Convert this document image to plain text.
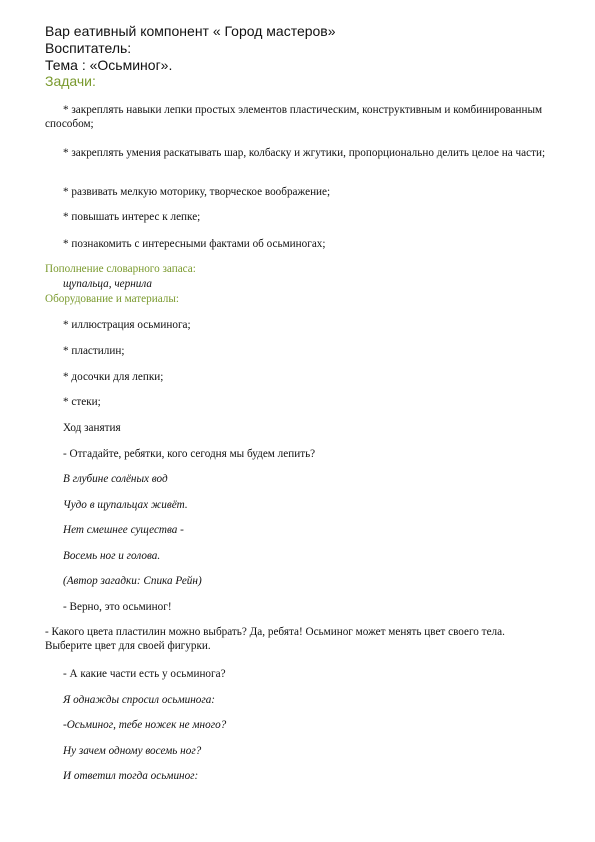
Вар еативный компонент « Город мастеров»
Воспитатель:
Тема : «Осьминог».
Задачи:
* закреплять навыки лепки простых элементов пластическим, конструктивным и комбинированным способом;
* закреплять умения раскатывать шар, колбаску и жгутики, пропорционально делить целое на части;
* развивать мелкую моторику, творческое воображение;
* повышать интерес к лепке;
* познакомить с интересными фактами об осьминогах;
Пополнение словарного запаса:
щупальца, чернила
Оборудование и материалы:
* иллюстрация осьминога;
* пластилин;
* досочки для лепки;
* стеки;
Ход занятия
- Отгадайте, ребятки, кого сегодня мы будем лепить?
В глубине солёных вод
Чудо в щупальцах живёт.
Нет смешнее существа -
Восемь ног и голова.
(Автор загадки: Спика Рейн)
- Верно, это осьминог!
- Какого цвета пластилин можно выбрать? Да, ребята! Осьминог может менять цвет своего тела. Выберите цвет для своей фигурки.
- А какие части есть у осьминога?
Я однажды спросил осьминога:
-Осьминог, тебе ножек не много?
Ну зачем одному восемь ног?
И ответил тогда осьминог:
